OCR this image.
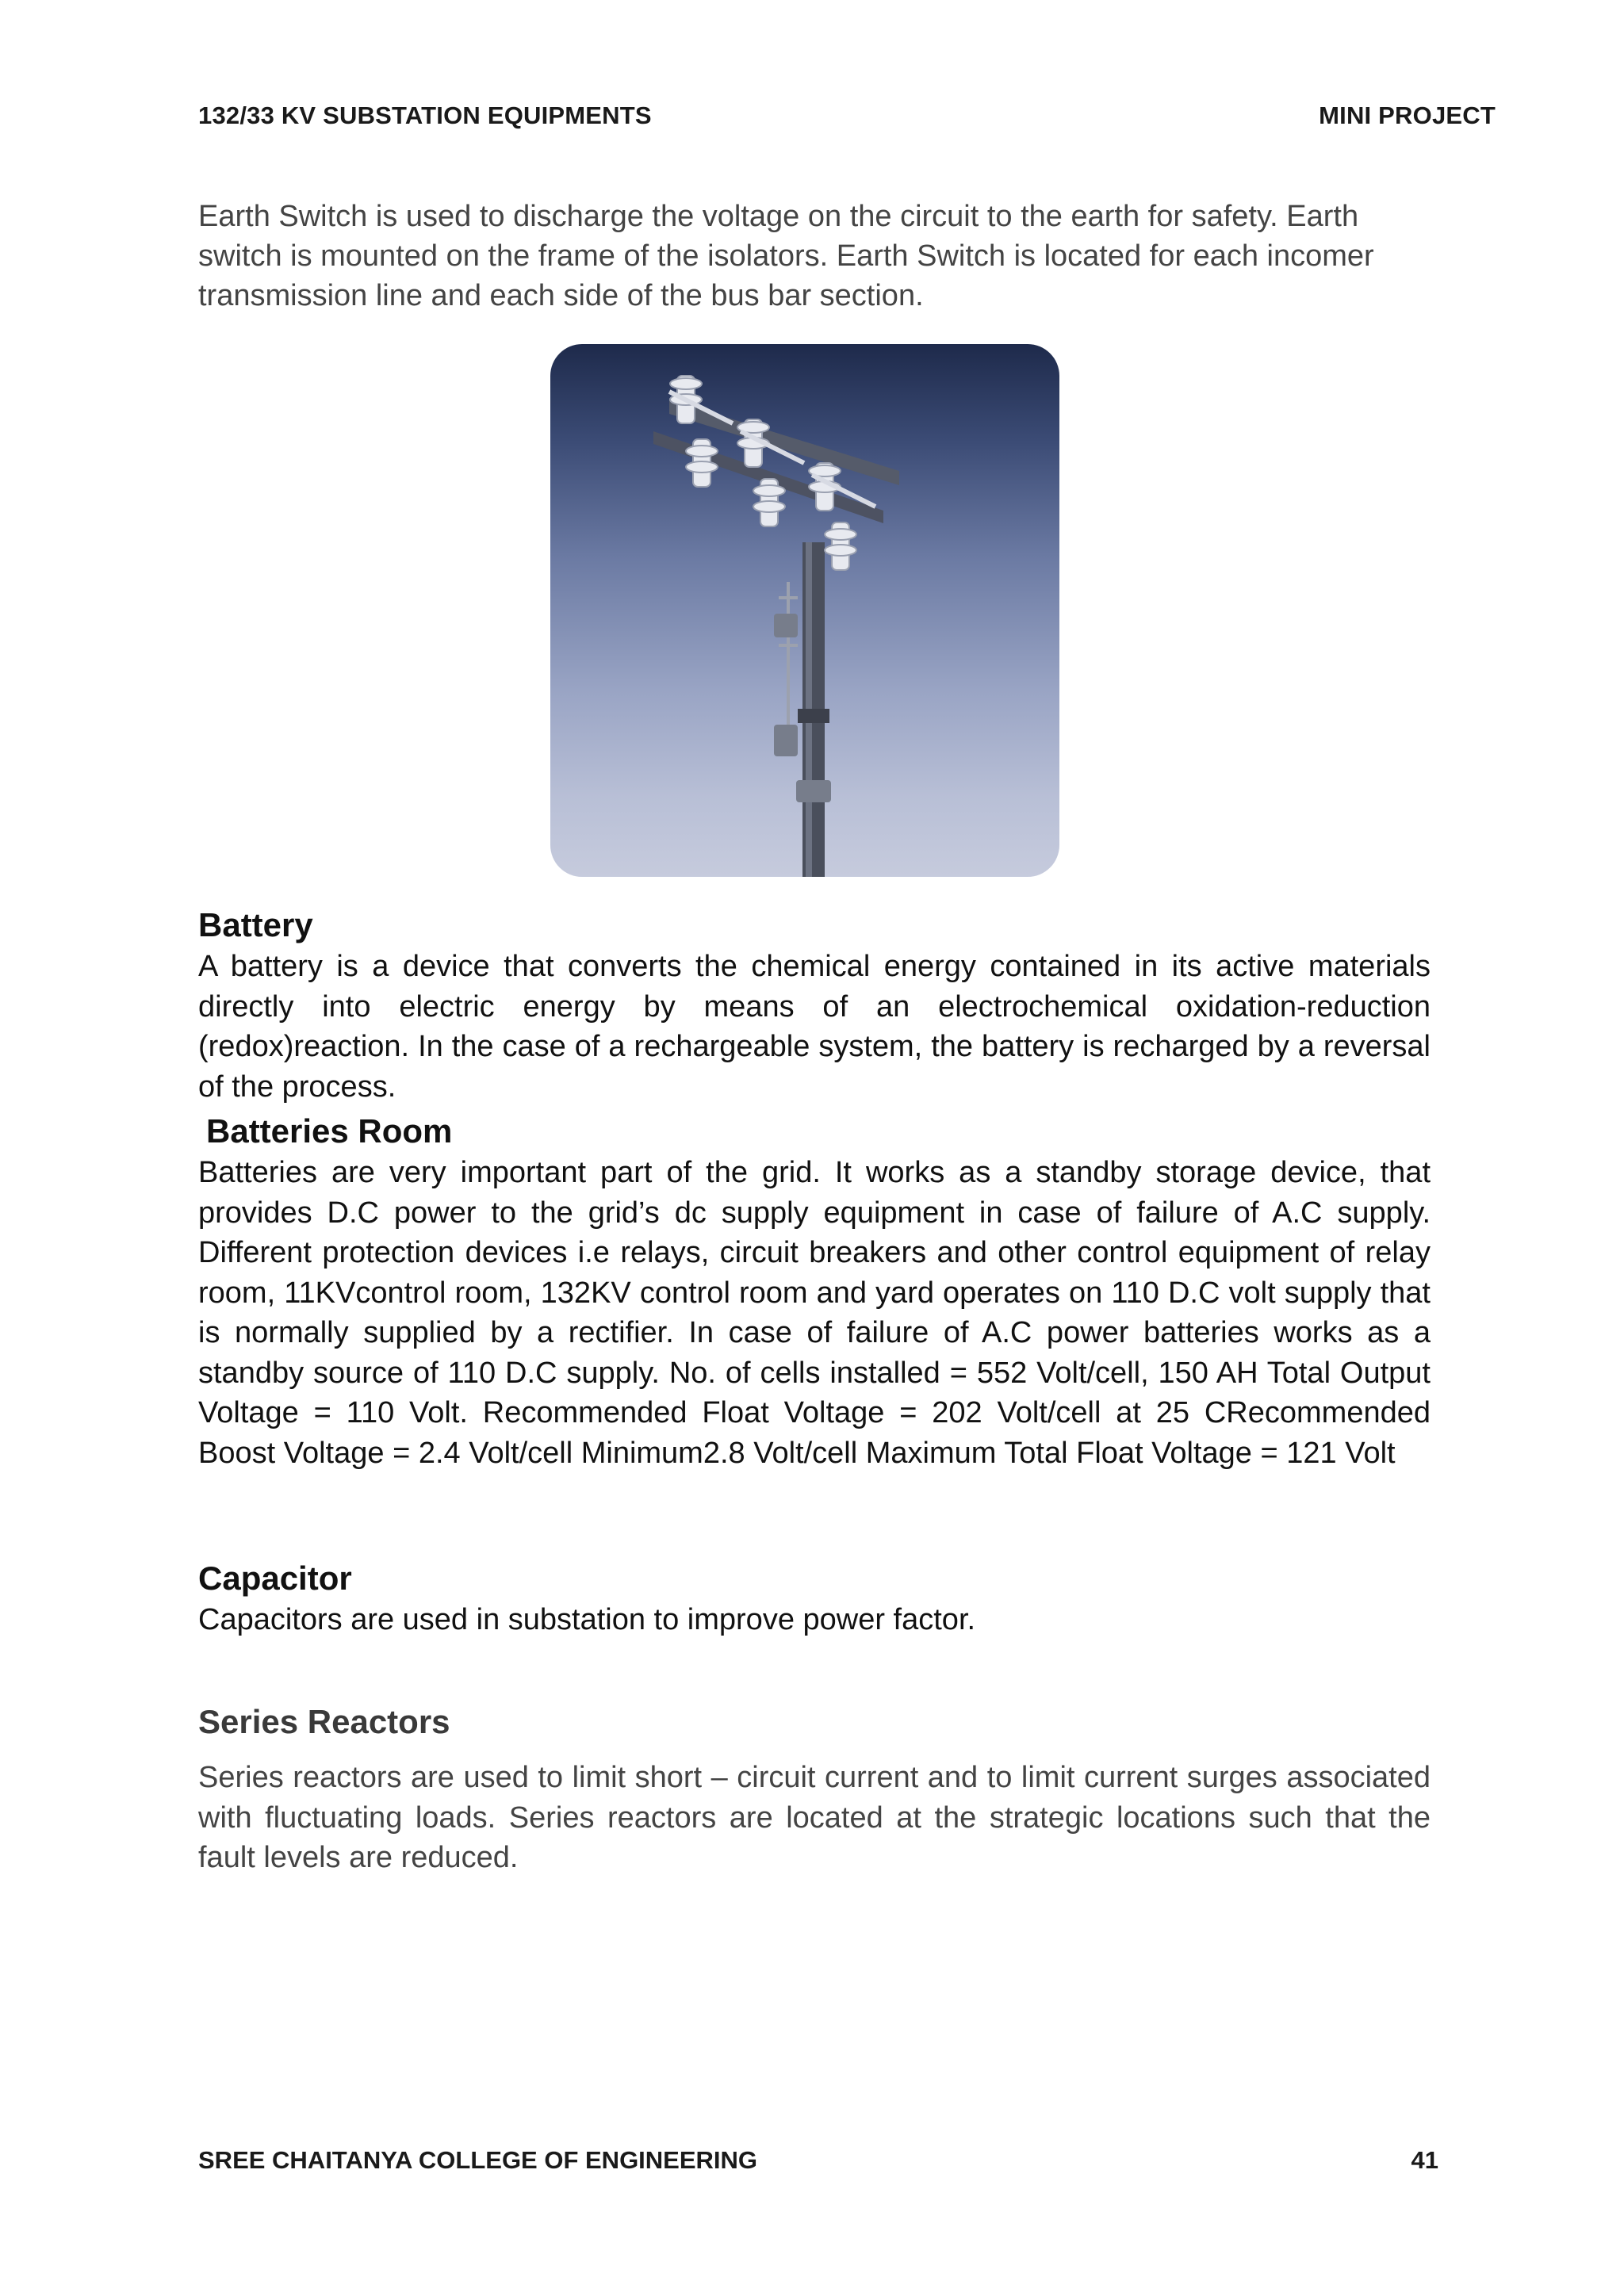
132/33 KV SUBSTATION EQUIPMENTS	MINI PROJECT
Earth Switch is used to discharge the voltage on the circuit to the earth for safety. Earth switch is mounted on the frame of the isolators. Earth Switch is located for each incomer transmission line and each side of the bus bar section.
Battery

A battery is a device that converts the chemical energy contained in its active materials directly into electric energy by means of an electrochemical oxidation-reduction (redox)reaction. In the case of a rechargeable system, the battery is recharged by a reversal of the process.

Batteries Room

Batteries are very important part of the grid. It works as a standby storage device, that provides D.C power to the grid’s dc supply equipment in case of failure of A.C supply. Different protection devices i.e relays, circuit breakers and other control equipment of relay room, 11KVcontrol room, 132KV control room and yard operates on 110 D.C volt supply that is normally supplied by a rectifier. In case of failure of A.C power batteries works as a standby source of 110 D.C supply. No. of cells installed = 552 Volt/cell, 150 AH Total Output Voltage = 110 Volt. Recommended Float Voltage = 202 Volt/cell at 25 CRecommended Boost Voltage = 2.4 Volt/cell Minimum2.8 Volt/cell Maximum Total Float Voltage = 121 Volt

Capacitor

Capacitors are used in substation to improve power factor.

Series Reactors

Series reactors are used to limit short – circuit current and to limit current surges associated with fluctuating loads. Series reactors are located at the strategic locations such that the fault levels are reduced.

SREE CHAITANYA COLLEGE OF ENGINEERING	41
